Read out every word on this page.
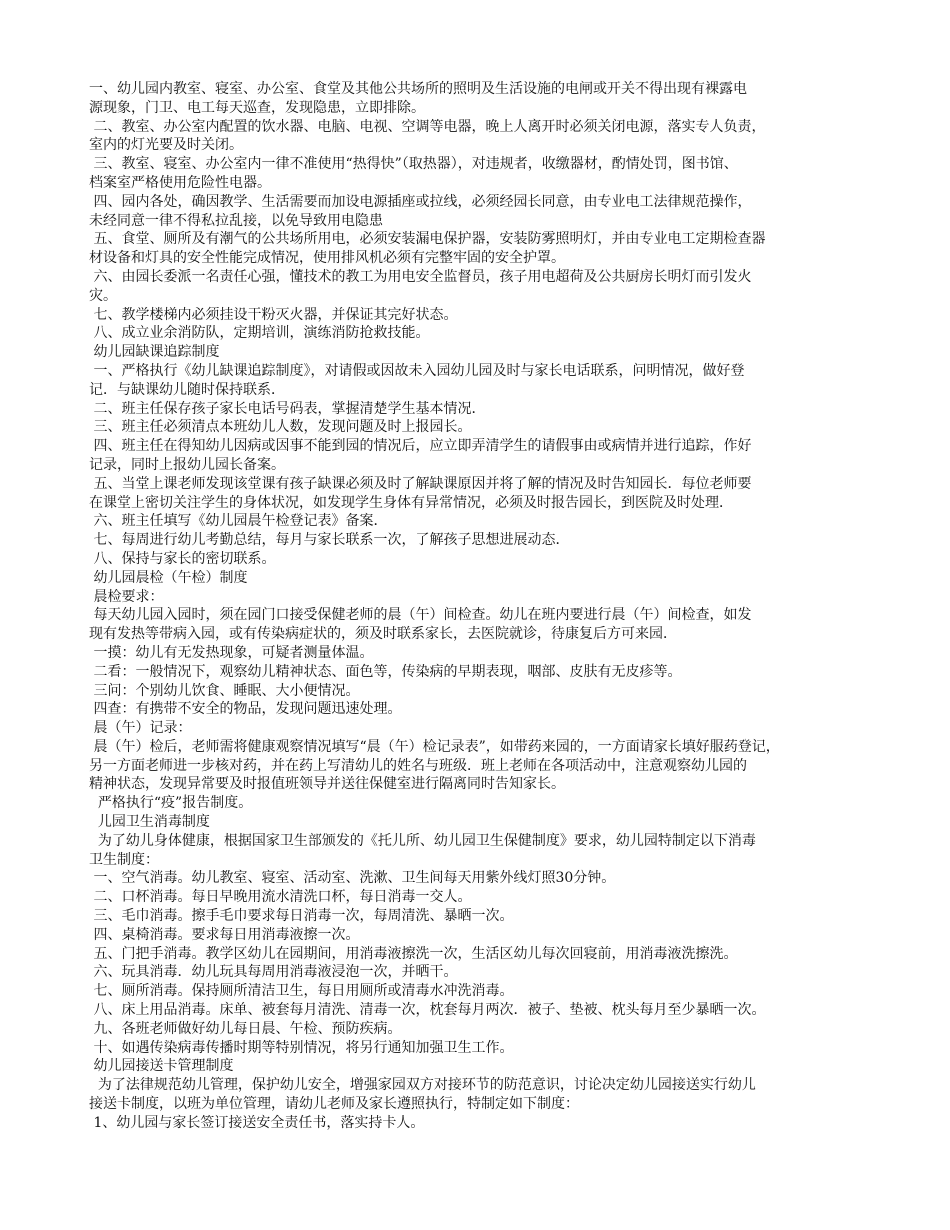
一、幼儿园内教室、寝室、办公室、食堂及其他公共场所的照明及生活设施的电闸或开关不得出现有裸露电
源现象，门卫、电工每天巡查，发现隐患，立即排除。
二、教室、办公室内配置的饮水器、电脑、电视、空调等电器，晚上人离开时必须关闭电源，落实专人负责，
室内的灯光要及时关闭。
三、教室、寝室、办公室内一律不准使用“热得快”（取热器），对违规者，收缴器材，酌情处罚，图书馆、
档案室严格使用危险性电器。
四、园内各处，确因教学、生活需要而加设电源插座或拉线，必须经园长同意，由专业电工法律规范操作，
未经同意一律不得私拉乱接，以免导致用电隐患
五、食堂、厕所及有潮气的公共场所用电，必须安装漏电保护器，安装防雾照明灯，并由专业电工定期检查器
材设备和灯具的安全性能完成情况，使用排风机必须有完整牢固的安全护罩。
六、由园长委派一名责任心强，懂技术的教工为用电安全监督员，孩子用电超荷及公共厨房长明灯而引发火
灾。
七、教学楼梯内必须挂设干粉灭火器，并保证其完好状态。
八、成立业余消防队，定期培训，演练消防抢救技能。
幼儿园缺课追踪制度
一、严格执行《幼儿缺课追踪制度》，对请假或因故未入园幼儿园及时与家长电话联系，问明情况，做好登
记．与缺课幼儿随时保持联系．
二、班主任保存孩子家长电话号码表，掌握清楚学生基本情况．
三、班主任必须清点本班幼儿人数，发现问题及时上报园长。
四、班主任在得知幼儿因病或因事不能到园的情况后，应立即弄清学生的请假事由或病情并进行追踪，作好
记录，同时上报幼儿园长备案。
五、当堂上课老师发现该堂课有孩子缺课必须及时了解缺课原因并将了解的情况及时告知园长．每位老师要
在课堂上密切关注学生的身体状况，如发现学生身体有异常情况，必须及时报告园长，到医院及时处理．
六、班主任填写《幼儿园晨午检登记表》备案．
七、每周进行幼儿考勤总结，每月与家长联系一次，了解孩子思想进展动态．
八、保持与家长的密切联系。
幼儿园晨检（午检）制度
晨检要求：
每天幼儿园入园时，须在园门口接受保健老师的晨（午）间检查。幼儿在班内要进行晨（午）间检查，如发
现有发热等带病入园，或有传染病症状的，须及时联系家长，去医院就诊，待康复后方可来园．
一摸：幼儿有无发热现象，可疑者测量体温。
二看：一般情况下，观察幼儿精神状态、面色等，传染病的早期表现，咽部、皮肤有无皮疹等。
三问：个别幼儿饮食、睡眠、大小便情况。
四查：有携带不安全的物品，发现问题迅速处理。
晨（午）记录：
晨（午）检后，老师需将健康观察情况填写“晨（午）检记录表”，如带药来园的，一方面请家长填好服药登记，
另一方面老师进一步核对药，并在药上写清幼儿的姓名与班级．班上老师在各项活动中，注意观察幼儿园的
精神状态，发现异常要及时报值班领导并送往保健室进行隔离同时告知家长。
严格执行“疫”报告制度。
儿园卫生消毒制度
为了幼儿身体健康，根据国家卫生部颁发的《托儿所、幼儿园卫生保健制度》要求，幼儿园特制定以下消毒
卫生制度：
一、空气消毒。幼儿教室、寝室、活动室、洗漱、卫生间每天用紫外线灯照30分钟。
二、口杯消毒。每日早晚用流水清洗口杯，每日消毒一交人。
三、毛巾消毒。擦手毛巾要求每日消毒一次，每周清洗、暴晒一次。
四、桌椅消毒。要求每日用消毒液擦一次。
五、门把手消毒。教学区幼儿在园期间，用消毒液擦洗一次，生活区幼儿每次回寝前，用消毒液洗擦洗。
六、玩具消毒．幼儿玩具每周用消毒液浸泡一次，并晒干。
七、厕所消毒。保持厕所清洁卫生，每日用厕所或清毒水冲洗消毒。
八、床上用品消毒。床单、被套每月清洗、清毒一次，枕套每月两次．被子、垫被、枕头每月至少暴晒一次。
九、各班老师做好幼儿每日晨、午检、预防疾病。
十、如遇传染病毒传播时期等特别情况，将另行通知加强卫生工作。
幼儿园接送卡管理制度
为了法律规范幼儿管理，保护幼儿安全，增强家园双方对接环节的防范意识，讨论决定幼儿园接送实行幼儿
接送卡制度，以班为单位管理，请幼儿老师及家长遵照执行，特制定如下制度：
1、幼儿园与家长签订接送安全责任书，落实持卡人。
